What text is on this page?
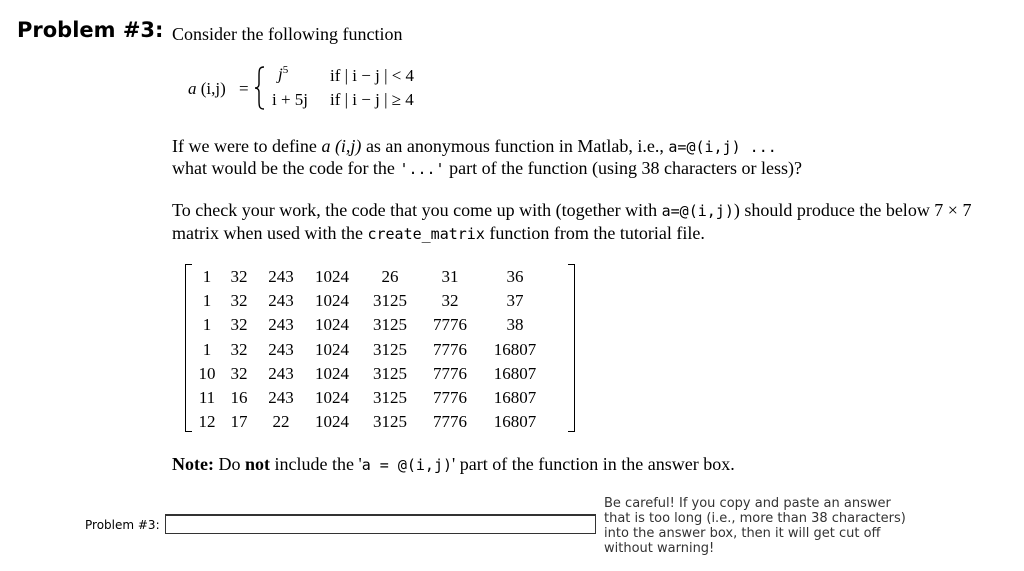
Problem #3: Consider the following function
a (i,j) =
$j^5$ if | i − j | < 4
i + 5j if | i − j | ≥ 4
If we were to define a (i,j) as an anonymous function in Matlab, i.e., a=@(i,j) ...
what would be the code for the '...' part of the function (using 38 characters or less)?
To check your work, the code that you come up with (together with a=@(i,j)) should produce the below 7 × 7
matrix when used with the create_matrix function from the tutorial file.
1	32	243	1024	26	31	36
1	32	243	1024	3125	32	37
1	32	243	1024	3125	7776	38
1	32	243	1024	3125	7776	16807
10	32	243	1024	3125	7776	16807
11	16	243	1024	3125	7776	16807
12	17	22	1024	3125	7776	16807
Note: Do not include the 'a = @(i,j)' part of the function in the answer box.
Problem #3:
Be careful! If you copy and paste an answer
that is too long (i.e., more than 38 characters)
into the answer box, then it will get cut off
without warning!
